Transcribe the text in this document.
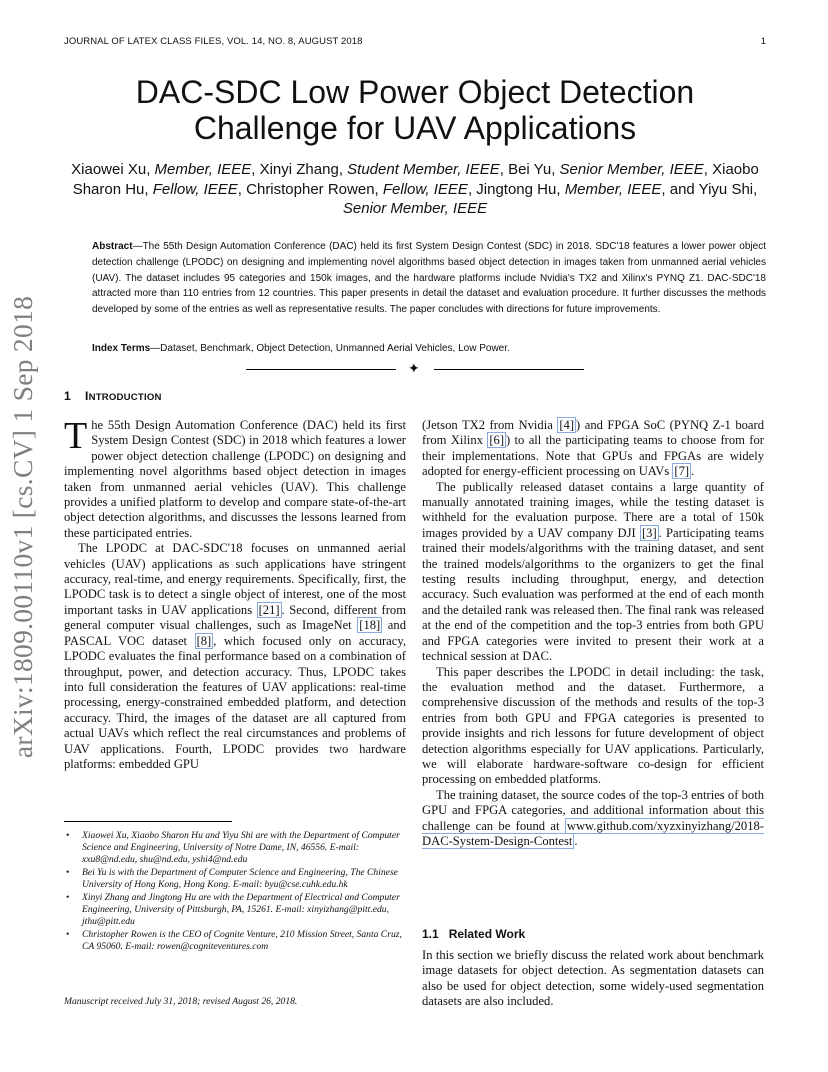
JOURNAL OF LATEX CLASS FILES, VOL. 14, NO. 8, AUGUST 2018	1
arXiv:1809.00110v1 [cs.CV] 1 Sep 2018
DAC-SDC Low Power Object Detection Challenge for UAV Applications
Xiaowei Xu, Member, IEEE, Xinyi Zhang, Student Member, IEEE, Bei Yu, Senior Member, IEEE, Xiaobo Sharon Hu, Fellow, IEEE, Christopher Rowen, Fellow, IEEE, Jingtong Hu, Member, IEEE, and Yiyu Shi, Senior Member, IEEE
Abstract—The 55th Design Automation Conference (DAC) held its first System Design Contest (SDC) in 2018. SDC'18 features a lower power object detection challenge (LPODC) on designing and implementing novel algorithms based object detection in images taken from unmanned aerial vehicles (UAV). The dataset includes 95 categories and 150k images, and the hardware platforms include Nvidia's TX2 and Xilinx's PYNQ Z1. DAC-SDC'18 attracted more than 110 entries from 12 countries. This paper presents in detail the dataset and evaluation procedure. It further discusses the methods developed by some of the entries as well as representative results. The paper concludes with directions for future improvements.
Index Terms—Dataset, Benchmark, Object Detection, Unmanned Aerial Vehicles, Low Power.
✦
1 INTRODUCTION

The 55th Design Automation Conference (DAC) held its first System Design Contest (SDC) in 2018 which features a lower power object detection challenge (LPODC) on designing and implementing novel algorithms based object detection in images taken from unmanned aerial vehicles (UAV). This challenge provides a unified platform to develop and compare state-of-the-art object detection algorithms, and discusses the lessons learned from these participated entries.

The LPODC at DAC-SDC'18 focuses on unmanned aerial vehicles (UAV) applications as such applications have stringent accuracy, real-time, and energy requirements. Specifically, first, the LPODC task is to detect a single object of interest, one of the most important tasks in UAV applications [21] . Second, different from general computer visual challenges, such as ImageNet [18] and PASCAL VOC dataset [8] , which focused only on accuracy, LPODC evaluates the final performance based on a combination of throughput, power, and detection accuracy. Thus, LPODC takes into full consideration the features of UAV applications: real-time processing, energy-constrained embedded platform, and detection accuracy. Third, the images of the dataset are all captured from actual UAVs which reflect the real circumstances and problems of UAV applications. Fourth, LPODC provides two hardware platforms: embedded GPU

• Xiaowei Xu, Xiaobo Sharon Hu and Yiyu Shi are with the Department of Computer Science and Engineering, University of Notre Dame, IN, 46556. E-mail: xxu8@nd.edu, shu@nd.edu, yshi4@nd.edu
• Bei Yu is with the Department of Computer Science and Engineering, The Chinese University of Hong Kong, Hong Kong. E-mail: byu@cse.cuhk.edu.hk
• Xinyi Zhang and Jingtong Hu are with the Department of Electrical and Computer Engineering, University of Pittsburgh, PA, 15261. E-mail: xinyizhang@pitt.edu, jthu@pitt.edu
• Christopher Rowen is the CEO of Cognite Venture, 210 Mission Street, Santa Cruz, CA 95060. E-mail: rowen@cogniteventures.com
Manuscript received July 31, 2018; revised August 26, 2018.

(Jetson TX2 from Nvidia [4] ) and FPGA SoC (PYNQ Z-1 board from Xilinx [6] ) to all the participating teams to choose from for their implementations. Note that GPUs and FPGAs are widely adopted for energy-efficient processing on UAVs [7] .

The publically released dataset contains a large quantity of manually annotated training images, while the testing dataset is withheld for the evaluation purpose. There are a total of 150k images provided by a UAV company DJI [3] . Participating teams trained their models/algorithms with the training dataset, and sent the trained models/algorithms to the organizers to get the final testing results including throughput, energy, and detection accuracy. Such evaluation was performed at the end of each month and the detailed rank was released then. The final rank was released at the end of the competition and the top-3 entries from both GPU and FPGA categories were invited to present their work at a technical session at DAC.

This paper describes the LPODC in detail including: the task, the evaluation method and the dataset. Furthermore, a comprehensive discussion of the methods and results of the top-3 entries from both GPU and FPGA categories is presented to provide insights and rich lessons for future development of object detection algorithms especially for UAV applications. Particularly, we will elaborate hardware-software co-design for efficient processing on embedded platforms.

The training dataset, the source codes of the top-3 entries of both GPU and FPGA categories, and additional information about this challenge can be found at www.github.com/xyzxinyizhang/2018-DAC-System-Design-Contest .

1.1 Related Work

In this section we briefly discuss the related work about benchmark image datasets for object detection. As segmentation datasets can also be used for object detection, some widely-used segmentation datasets are also included.
